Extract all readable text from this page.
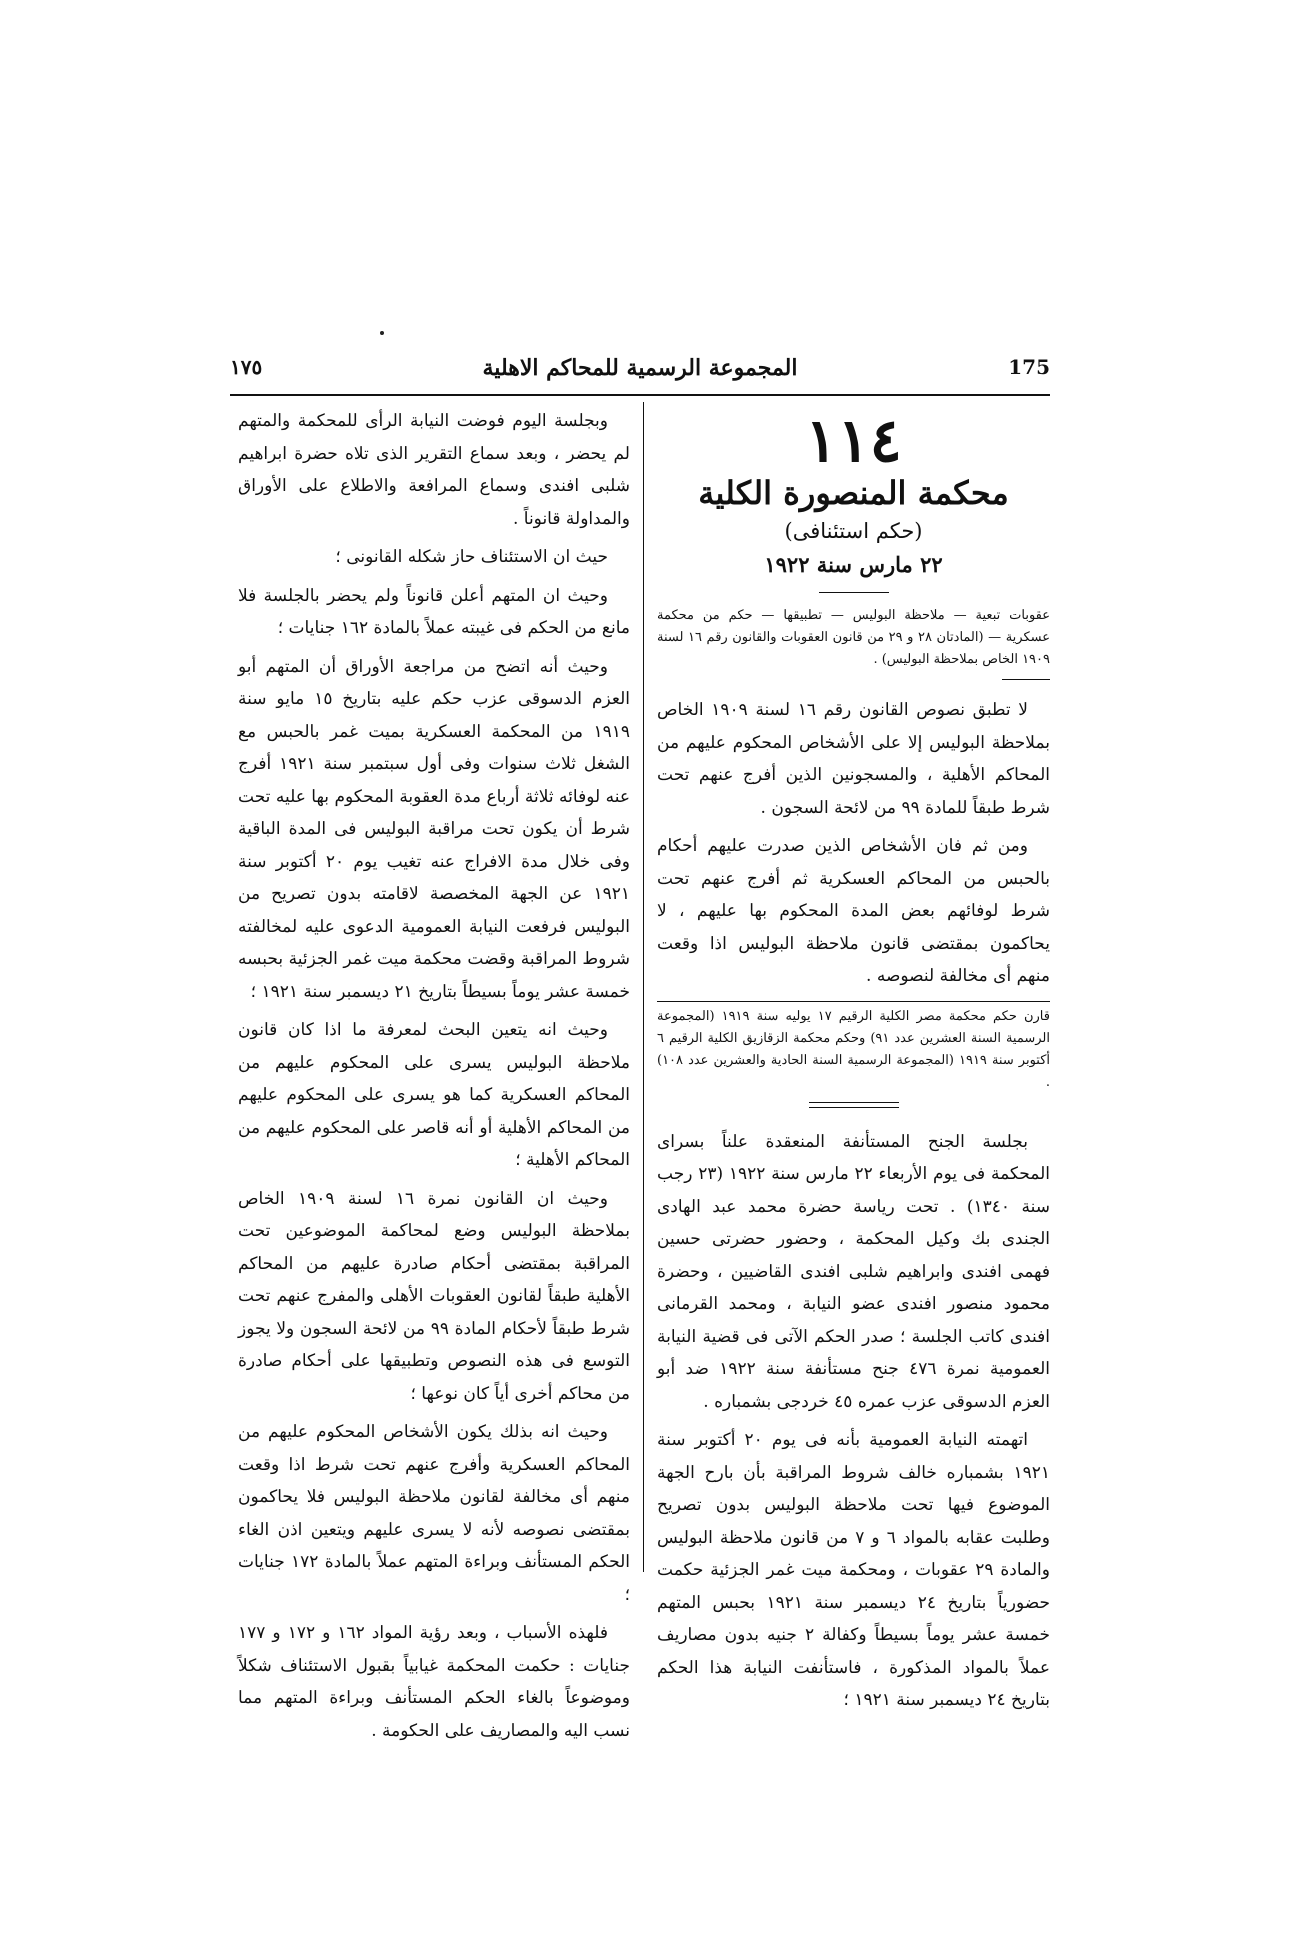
١٧٥	المجموعة الرسمية للمحاكم الاهلية	175
١١٤
محكمة المنصورة الكلية
(حكم استئنافى)
٢٢ مارس سنة ١٩٢٢
عقوبات تبعية — ملاحظة البوليس — تطبيقها — حكم من محكمة عسكرية — (المادتان ٢٨ و ٢٩ من قانون العقوبات والقانون رقم ١٦ لسنة ١٩٠٩ الخاص بملاحظة البوليس) .

لا تطبق نصوص القانون رقم ١٦ لسنة ١٩٠٩ الخاص بملاحظة البوليس إلا على الأشخاص المحكوم عليهم من المحاكم الأهلية ، والمسجونين الذين أفرج عنهم تحت شرط طبقاً للمادة ٩٩ من لائحة السجون .

ومن ثم فان الأشخاص الذين صدرت عليهم أحكام بالحبس من المحاكم العسكرية ثم أفرج عنهم تحت شرط لوفائهم بعض المدة المحكوم بها عليهم ، لا يحاكمون بمقتضى قانون ملاحظة البوليس اذا وقعت منهم أى مخالفة لنصوصه .

قارن حكم محكمة مصر الكلية الرقيم ١٧ يوليه سنة ١٩١٩ (المجموعة الرسمية السنة العشرين عدد ٩١) وحكم محكمة الزقازيق الكلية الرقيم ٦ أكتوبر سنة ١٩١٩ (المجموعة الرسمية السنة الحادية والعشرين عدد ١٠٨) .

بجلسة الجنح المستأنفة المنعقدة علناً بسراى المحكمة فى يوم الأربعاء ٢٢ مارس سنة ١٩٢٢ (٢٣ رجب سنة ١٣٤٠) . تحت رياسة حضرة محمد عبد الهادى الجندى بك وكيل المحكمة ، وحضور حضرتى حسين فهمى افندى وابراهيم شلبى افندى القاضيين ، وحضرة محمود منصور افندى عضو النيابة ، ومحمد القرمانى افندى كاتب الجلسة ؛ صدر الحكم الآتى فى قضية النيابة العمومية نمرة ٤٧٦ جنح مستأنفة سنة ١٩٢٢ ضد أبو العزم الدسوقى عزب عمره ٤٥ خردجى بشمباره .

اتهمته النيابة العمومية بأنه فى يوم ٢٠ أكتوبر سنة ١٩٢١ بشمباره خالف شروط المراقبة بأن بارح الجهة الموضوع فيها تحت ملاحظة البوليس بدون تصريح وطلبت عقابه بالمواد ٦ و ٧ من قانون ملاحظة البوليس والمادة ٢٩ عقوبات ، ومحكمة ميت غمر الجزئية حكمت حضورياً بتاريخ ٢٤ ديسمبر سنة ١٩٢١ بحبس المتهم خمسة عشر يوماً بسيطاً وكفالة ٢ جنيه بدون مصاريف عملاً بالمواد المذكورة ، فاستأنفت النيابة هذا الحكم بتاريخ ٢٤ ديسمبر سنة ١٩٢١ ؛

وبجلسة اليوم فوضت النيابة الرأى للمحكمة والمتهم لم يحضر ، وبعد سماع التقرير الذى تلاه حضرة ابراهيم شلبى افندى وسماع المرافعة والاطلاع على الأوراق والمداولة قانوناً .

حيث ان الاستئناف حاز شكله القانونى ؛

وحيث ان المتهم أعلن قانوناً ولم يحضر بالجلسة فلا مانع من الحكم فى غيبته عملاً بالمادة ١٦٢ جنايات ؛

وحيث أنه اتضح من مراجعة الأوراق أن المتهم أبو العزم الدسوقى عزب حكم عليه بتاريخ ١٥ مايو سنة ١٩١٩ من المحكمة العسكرية بميت غمر بالحبس مع الشغل ثلاث سنوات وفى أول سبتمبر سنة ١٩٢١ أفرج عنه لوفائه ثلاثة أرباع مدة العقوبة المحكوم بها عليه تحت شرط أن يكون تحت مراقبة البوليس فى المدة الباقية وفى خلال مدة الافراج عنه تغيب يوم ٢٠ أكتوبر سنة ١٩٢١ عن الجهة المخصصة لاقامته بدون تصريح من البوليس فرفعت النيابة العمومية الدعوى عليه لمخالفته شروط المراقبة وقضت محكمة ميت غمر الجزئية بحبسه خمسة عشر يوماً بسيطاً بتاريخ ٢١ ديسمبر سنة ١٩٢١ ؛

وحيث انه يتعين البحث لمعرفة ما اذا كان قانون ملاحظة البوليس يسرى على المحكوم عليهم من المحاكم العسكرية كما هو يسرى على المحكوم عليهم من المحاكم الأهلية أو أنه قاصر على المحكوم عليهم من المحاكم الأهلية ؛

وحيث ان القانون نمرة ١٦ لسنة ١٩٠٩ الخاص بملاحظة البوليس وضع لمحاكمة الموضوعين تحت المراقبة بمقتضى أحكام صادرة عليهم من المحاكم الأهلية طبقاً لقانون العقوبات الأهلى والمفرج عنهم تحت شرط طبقاً لأحكام المادة ٩٩ من لائحة السجون ولا يجوز التوسع فى هذه النصوص وتطبيقها على أحكام صادرة من محاكم أخرى أياً كان نوعها ؛

وحيث انه بذلك يكون الأشخاص المحكوم عليهم من المحاكم العسكرية وأفرج عنهم تحت شرط اذا وقعت منهم أى مخالفة لقانون ملاحظة البوليس فلا يحاكمون بمقتضى نصوصه لأنه لا يسرى عليهم ويتعين اذن الغاء الحكم المستأنف وبراءة المتهم عملاً بالمادة ١٧٢ جنايات ؛

فلهذه الأسباب ، وبعد رؤية المواد ١٦٢ و ١٧٢ و ١٧٧ جنايات : حكمت المحكمة غيابياً بقبول الاستئناف شكلاً وموضوعاً بالغاء الحكم المستأنف وبراءة المتهم مما نسب اليه والمصاريف على الحكومة .
